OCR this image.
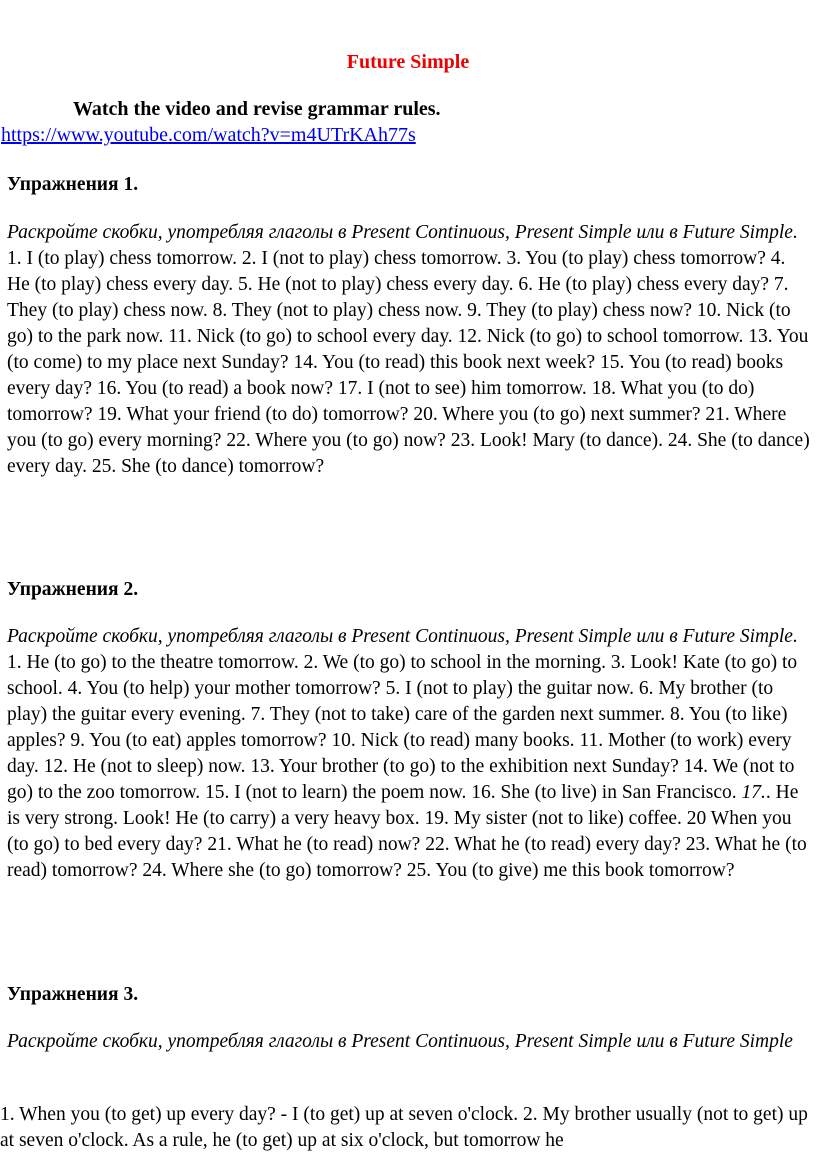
Future Simple

Watch the video and revise grammar rules.

https://www.youtube.com/watch?v=m4UTrKAh77s
Упражнения 1.
Раскройте скобки, употребляя глаголы в Present Continuous, Present Simple или в Future Simple.
1. I (to play) chess tomorrow. 2. I (not to play) chess tomorrow. 3. You (to play) chess tomorrow? 4. He (to play) chess every day. 5. He (not to play) chess every day. 6. He (to play) chess every day? 7. They (to play) chess now. 8. They (not to play) chess now. 9. They (to play) chess now? 10. Nick (to go) to the park now. 11. Nick (to go) to school every day. 12. Nick (to go) to school tomorrow. 13. You (to come) to my place next Sunday? 14. You (to read) this book next week? 15. You (to read) books every day? 16. You (to read) a book now? 17. I (not to see) him tomorrow. 18. What you (to do) tomorrow? 19. What your friend (to do) tomorrow? 20. Where you (to go) next summer? 21. Where you (to go) every morning? 22. Where you (to go) now? 23. Look! Mary (to dance). 24. She (to dance) every day. 25. She (to dance) tomorrow?
Упражнения 2.
Раскройте скобки, употребляя глаголы в Present Continuous, Present Simple или в Future Simple.
1. He (to go) to the theatre tomorrow. 2. We (to go) to school in the morning. 3. Look! Kate (to go) to school. 4. You (to help) your mother tomorrow? 5. I (not to play) the guitar now. 6. My brother (to play) the guitar every evening. 7. They (not to take) care of the garden next summer. 8. You (to like) apples? 9. You (to eat) apples tomorrow? 10. Nick (to read) many books. 11. Mother (to work) every day. 12. He (not to sleep) now. 13. Your brother (to go) to the exhibition next Sunday? 14. We (not to go) to the zoo tomorrow. 15. I (not to learn) the poem now. 16. She (to live) in San Francisco. 17.. He is very strong. Look! He (to carry) a very heavy box. 19. My sister (not to like) coffee. 20 When you (to go) to bed every day? 21. What he (to read) now? 22. What he (to read) every day? 23. What he (to read) tomorrow? 24. Where she (to go) tomorrow? 25. You (to give) me this book tomorrow?
Упражнения 3.
Раскройте скобки, употребляя глаголы в Present Continuous, Present Simple или в Future Simple

1. When you (to get) up every day? - I (to get) up at seven o'clock. 2. My brother usually (not to get) up at seven o'clock. As a rule, he (to get) up at six o'clock, but tomorrow he
